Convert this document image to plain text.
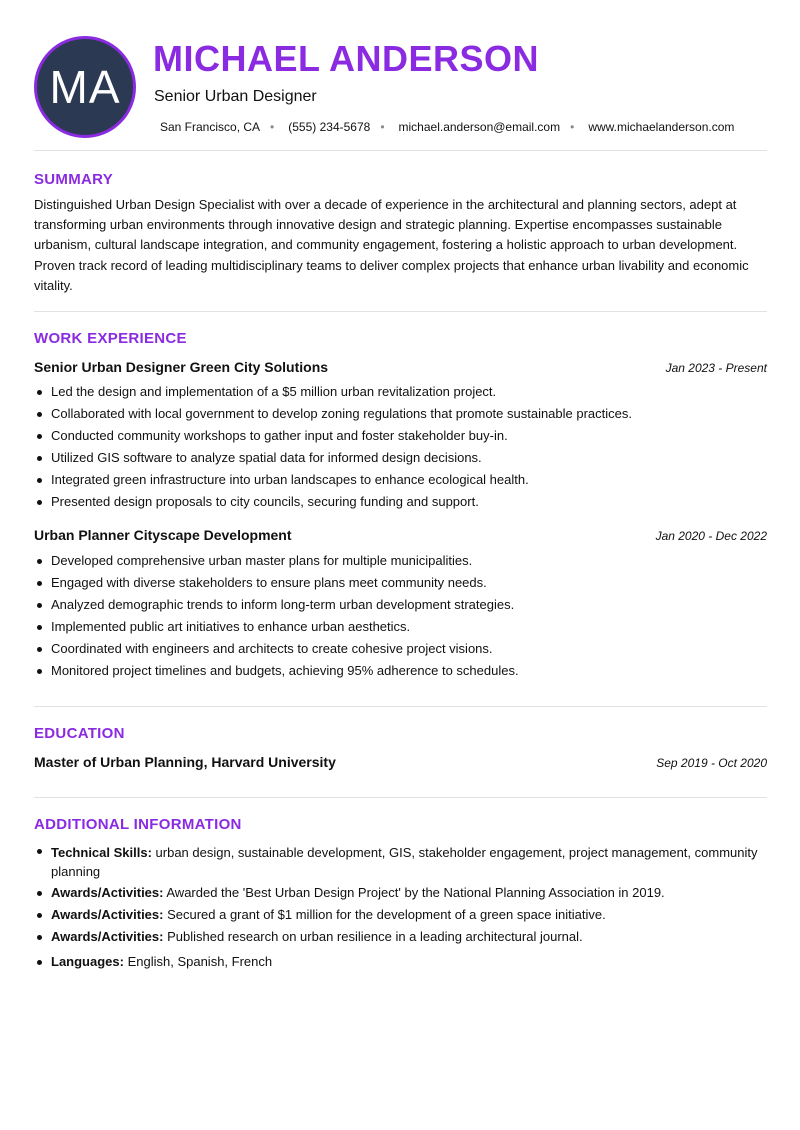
MA
MICHAEL ANDERSON
Senior Urban Designer
San Francisco, CA • (555) 234-5678 • michael.anderson@email.com • www.michaelanderson.com
SUMMARY
Distinguished Urban Design Specialist with over a decade of experience in the architectural and planning sectors, adept at transforming urban environments through innovative design and strategic planning. Expertise encompasses sustainable urbanism, cultural landscape integration, and community engagement, fostering a holistic approach to urban development. Proven track record of leading multidisciplinary teams to deliver complex projects that enhance urban livability and economic vitality.
WORK EXPERIENCE
Senior Urban Designer Green City Solutions	Jan 2023 - Present
Led the design and implementation of a $5 million urban revitalization project.
Collaborated with local government to develop zoning regulations that promote sustainable practices.
Conducted community workshops to gather input and foster stakeholder buy-in.
Utilized GIS software to analyze spatial data for informed design decisions.
Integrated green infrastructure into urban landscapes to enhance ecological health.
Presented design proposals to city councils, securing funding and support.
Urban Planner Cityscape Development	Jan 2020 - Dec 2022
Developed comprehensive urban master plans for multiple municipalities.
Engaged with diverse stakeholders to ensure plans meet community needs.
Analyzed demographic trends to inform long-term urban development strategies.
Implemented public art initiatives to enhance urban aesthetics.
Coordinated with engineers and architects to create cohesive project visions.
Monitored project timelines and budgets, achieving 95% adherence to schedules.
EDUCATION
Master of Urban Planning, Harvard University	Sep 2019 - Oct 2020
ADDITIONAL INFORMATION
Technical Skills: urban design, sustainable development, GIS, stakeholder engagement, project management, community planning
Awards/Activities: Awarded the 'Best Urban Design Project' by the National Planning Association in 2019.
Awards/Activities: Secured a grant of $1 million for the development of a green space initiative.
Awards/Activities: Published research on urban resilience in a leading architectural journal.
Languages: English, Spanish, French
